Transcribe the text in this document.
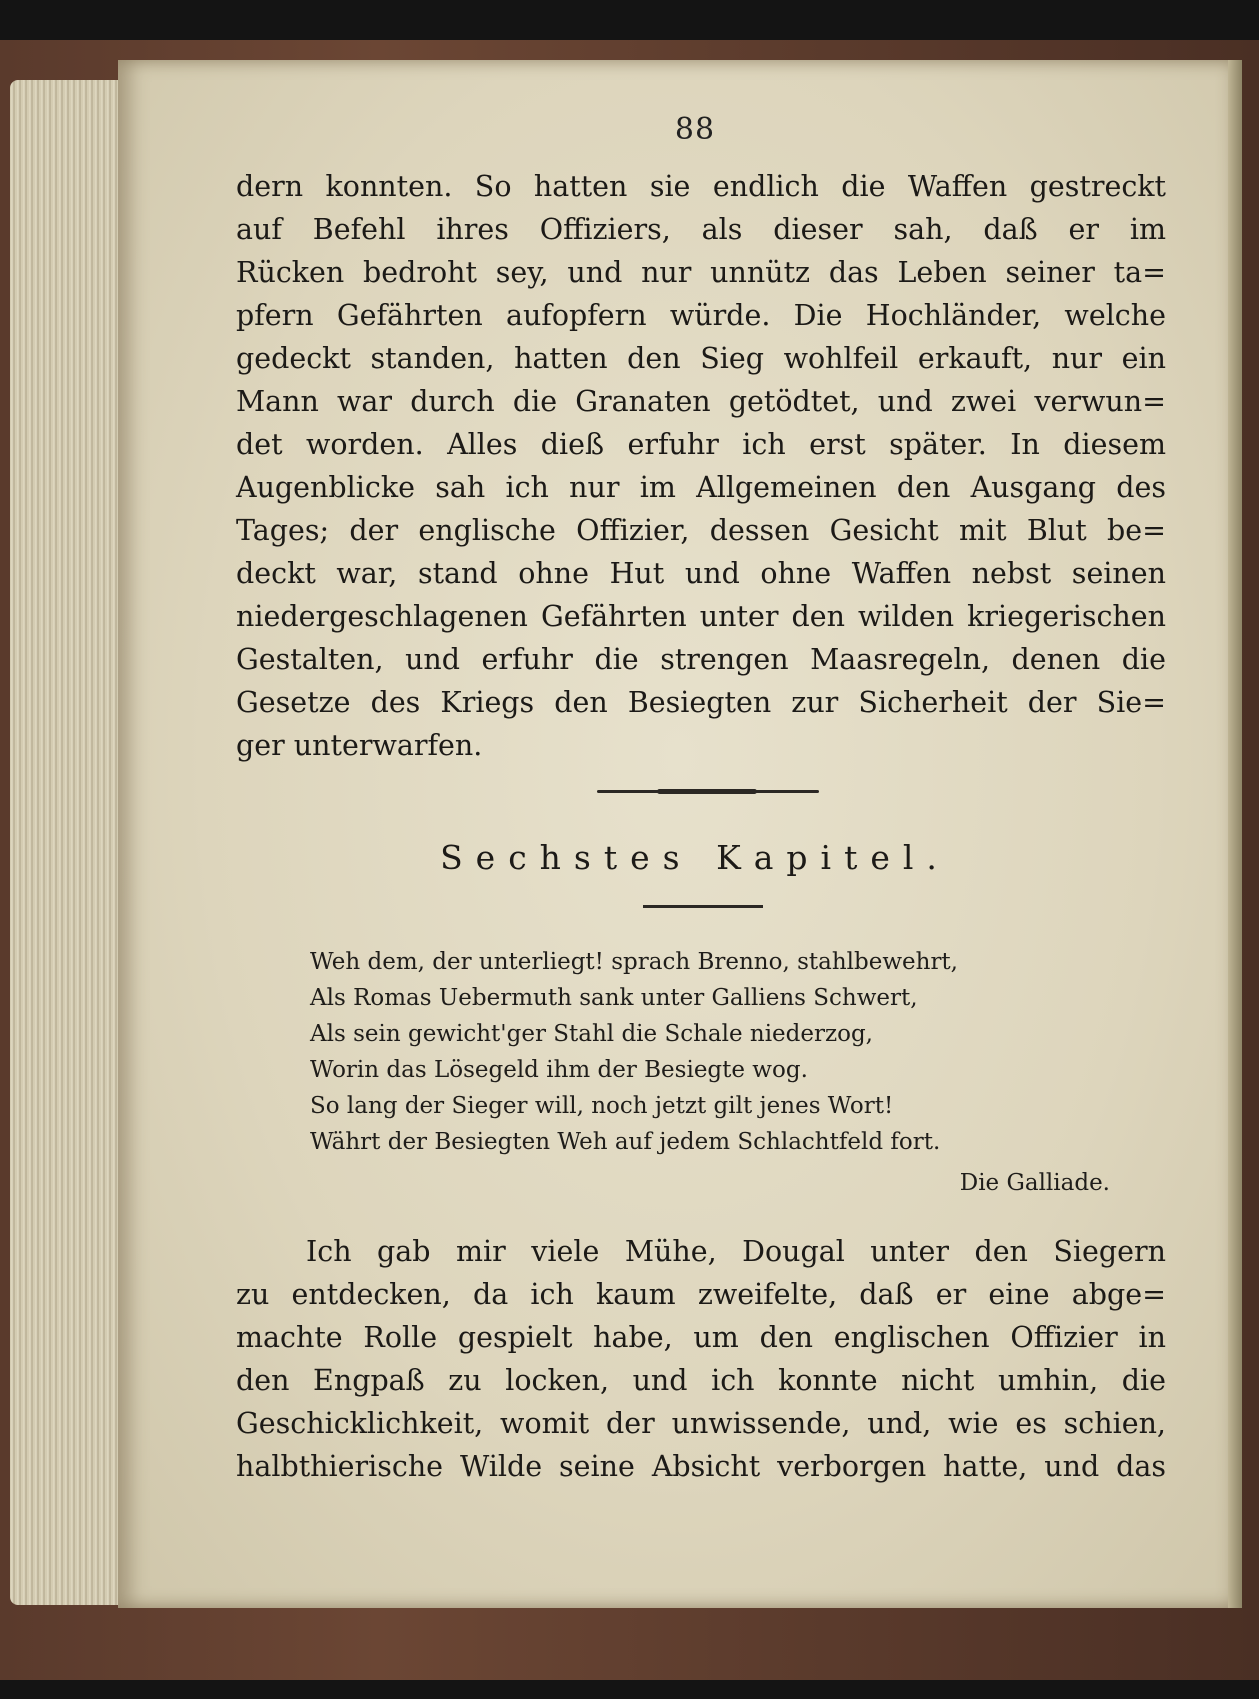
88
dern konnten. So hatten sie endlich die Waffen gestreckt
auf Befehl ihres Offiziers, als dieser sah, daß er im
Rücken bedroht sey, und nur unnütz das Leben seiner ta=
pfern Gefährten aufopfern würde. Die Hochländer, welche
gedeckt standen, hatten den Sieg wohlfeil erkauft, nur ein
Mann war durch die Granaten getödtet, und zwei verwun=
det worden. Alles dieß erfuhr ich erst später. In diesem
Augenblicke sah ich nur im Allgemeinen den Ausgang des
Tages; der englische Offizier, dessen Gesicht mit Blut be=
deckt war, stand ohne Hut und ohne Waffen nebst seinen
niedergeschlagenen Gefährten unter den wilden kriegerischen
Gestalten, und erfuhr die strengen Maasregeln, denen die
Gesetze des Kriegs den Besiegten zur Sicherheit der Sie=
ger unterwarfen.
Sechstes Kapitel.
Weh dem, der unterliegt! sprach Brenno, stahlbewehrt,
Als Romas Uebermuth sank unter Galliens Schwert,
Als sein gewicht'ger Stahl die Schale niederzog,
Worin das Lösegeld ihm der Besiegte wog.
So lang der Sieger will, noch jetzt gilt jenes Wort!
Währt der Besiegten Weh auf jedem Schlachtfeld fort.
Die Galliade.
Ich gab mir viele Mühe, Dougal unter den Siegern
zu entdecken, da ich kaum zweifelte, daß er eine abge=
machte Rolle gespielt habe, um den englischen Offizier in
den Engpaß zu locken, und ich konnte nicht umhin, die
Geschicklichkeit, womit der unwissende, und, wie es schien,
halbthierische Wilde seine Absicht verborgen hatte, und das
